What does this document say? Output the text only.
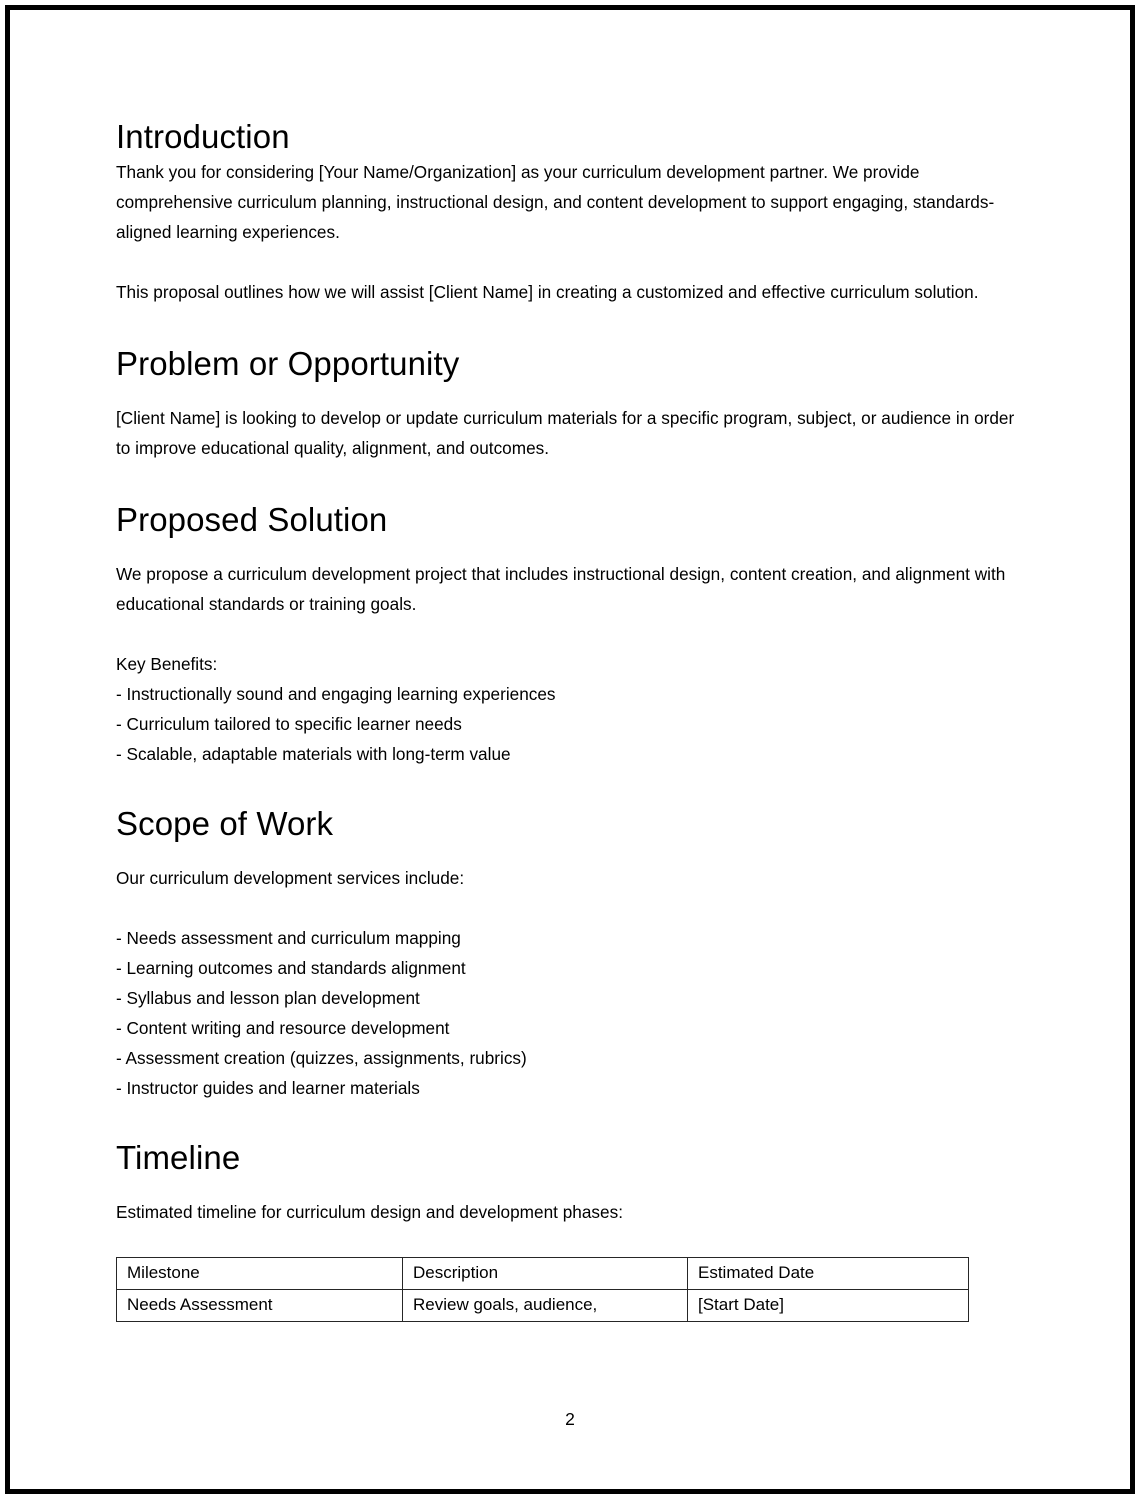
Introduction

Thank you for considering [Your Name/Organization] as your curriculum development partner. We provide comprehensive curriculum planning, instructional design, and content development to support engaging, standards-aligned learning experiences.

This proposal outlines how we will assist [Client Name] in creating a customized and effective curriculum solution.

Problem or Opportunity

[Client Name] is looking to develop or update curriculum materials for a specific program, subject, or audience in order to improve educational quality, alignment, and outcomes.

Proposed Solution

We propose a curriculum development project that includes instructional design, content creation, and alignment with educational standards or training goals.

Key Benefits:
- Instructionally sound and engaging learning experiences
- Curriculum tailored to specific learner needs
- Scalable, adaptable materials with long-term value
Scope of Work

Our curriculum development services include:

- Needs assessment and curriculum mapping
- Learning outcomes and standards alignment
- Syllabus and lesson plan development
- Content writing and resource development
- Assessment creation (quizzes, assignments, rubrics)
- Instructor guides and learner materials
Timeline

Estimated timeline for curriculum design and development phases:

Milestone	Description	Estimated Date
Needs Assessment	Review goals, audience,	[Start Date]
2
